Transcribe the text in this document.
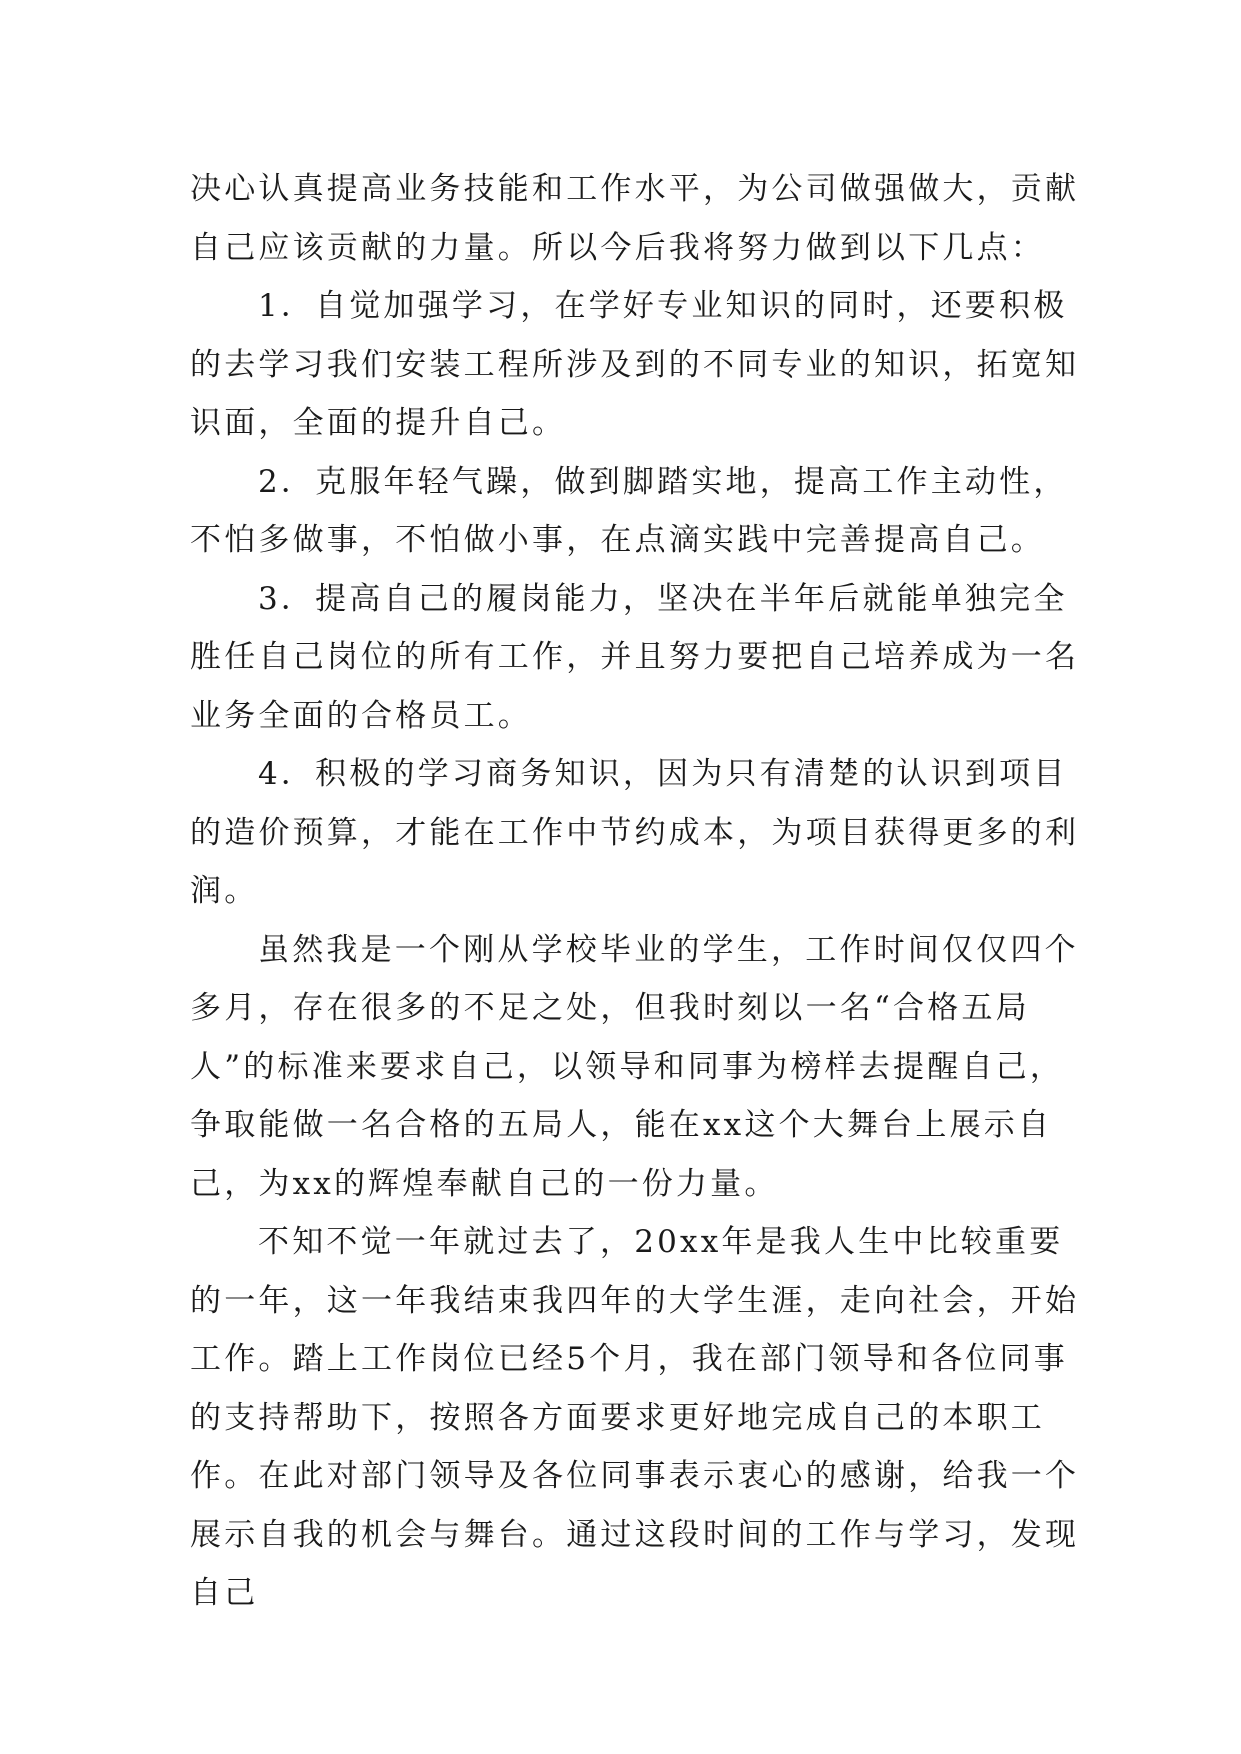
决心认真提高业务技能和工作水平，为公司做强做大，贡献自己应该贡献的力量。所以今后我将努力做到以下几点：

1．自觉加强学习，在学好专业知识的同时，还要积极的去学习我们安装工程所涉及到的不同专业的知识，拓宽知识面，全面的提升自己。

2．克服年轻气躁，做到脚踏实地，提高工作主动性，不怕多做事，不怕做小事，在点滴实践中完善提高自己。

3．提高自己的履岗能力，坚决在半年后就能单独完全胜任自己岗位的所有工作，并且努力要把自己培养成为一名业务全面的合格员工。

4．积极的学习商务知识，因为只有清楚的认识到项目的造价预算，才能在工作中节约成本，为项目获得更多的利润。

虽然我是一个刚从学校毕业的学生，工作时间仅仅四个多月，存在很多的不足之处，但我时刻以一名“合格五局人”的标准来要求自己，以领导和同事为榜样去提醒自己，争取能做一名合格的五局人，能在xx这个大舞台上展示自己，为xx的辉煌奉献自己的一份力量。

不知不觉一年就过去了，20xx年是我人生中比较重要的一年，这一年我结束我四年的大学生涯，走向社会，开始工作。踏上工作岗位已经5个月，我在部门领导和各位同事的支持帮助下，按照各方面要求更好地完成自己的本职工作。在此对部门领导及各位同事表示衷心的感谢，给我一个展示自我的机会与舞台。通过这段时间的工作与学习，发现自己
